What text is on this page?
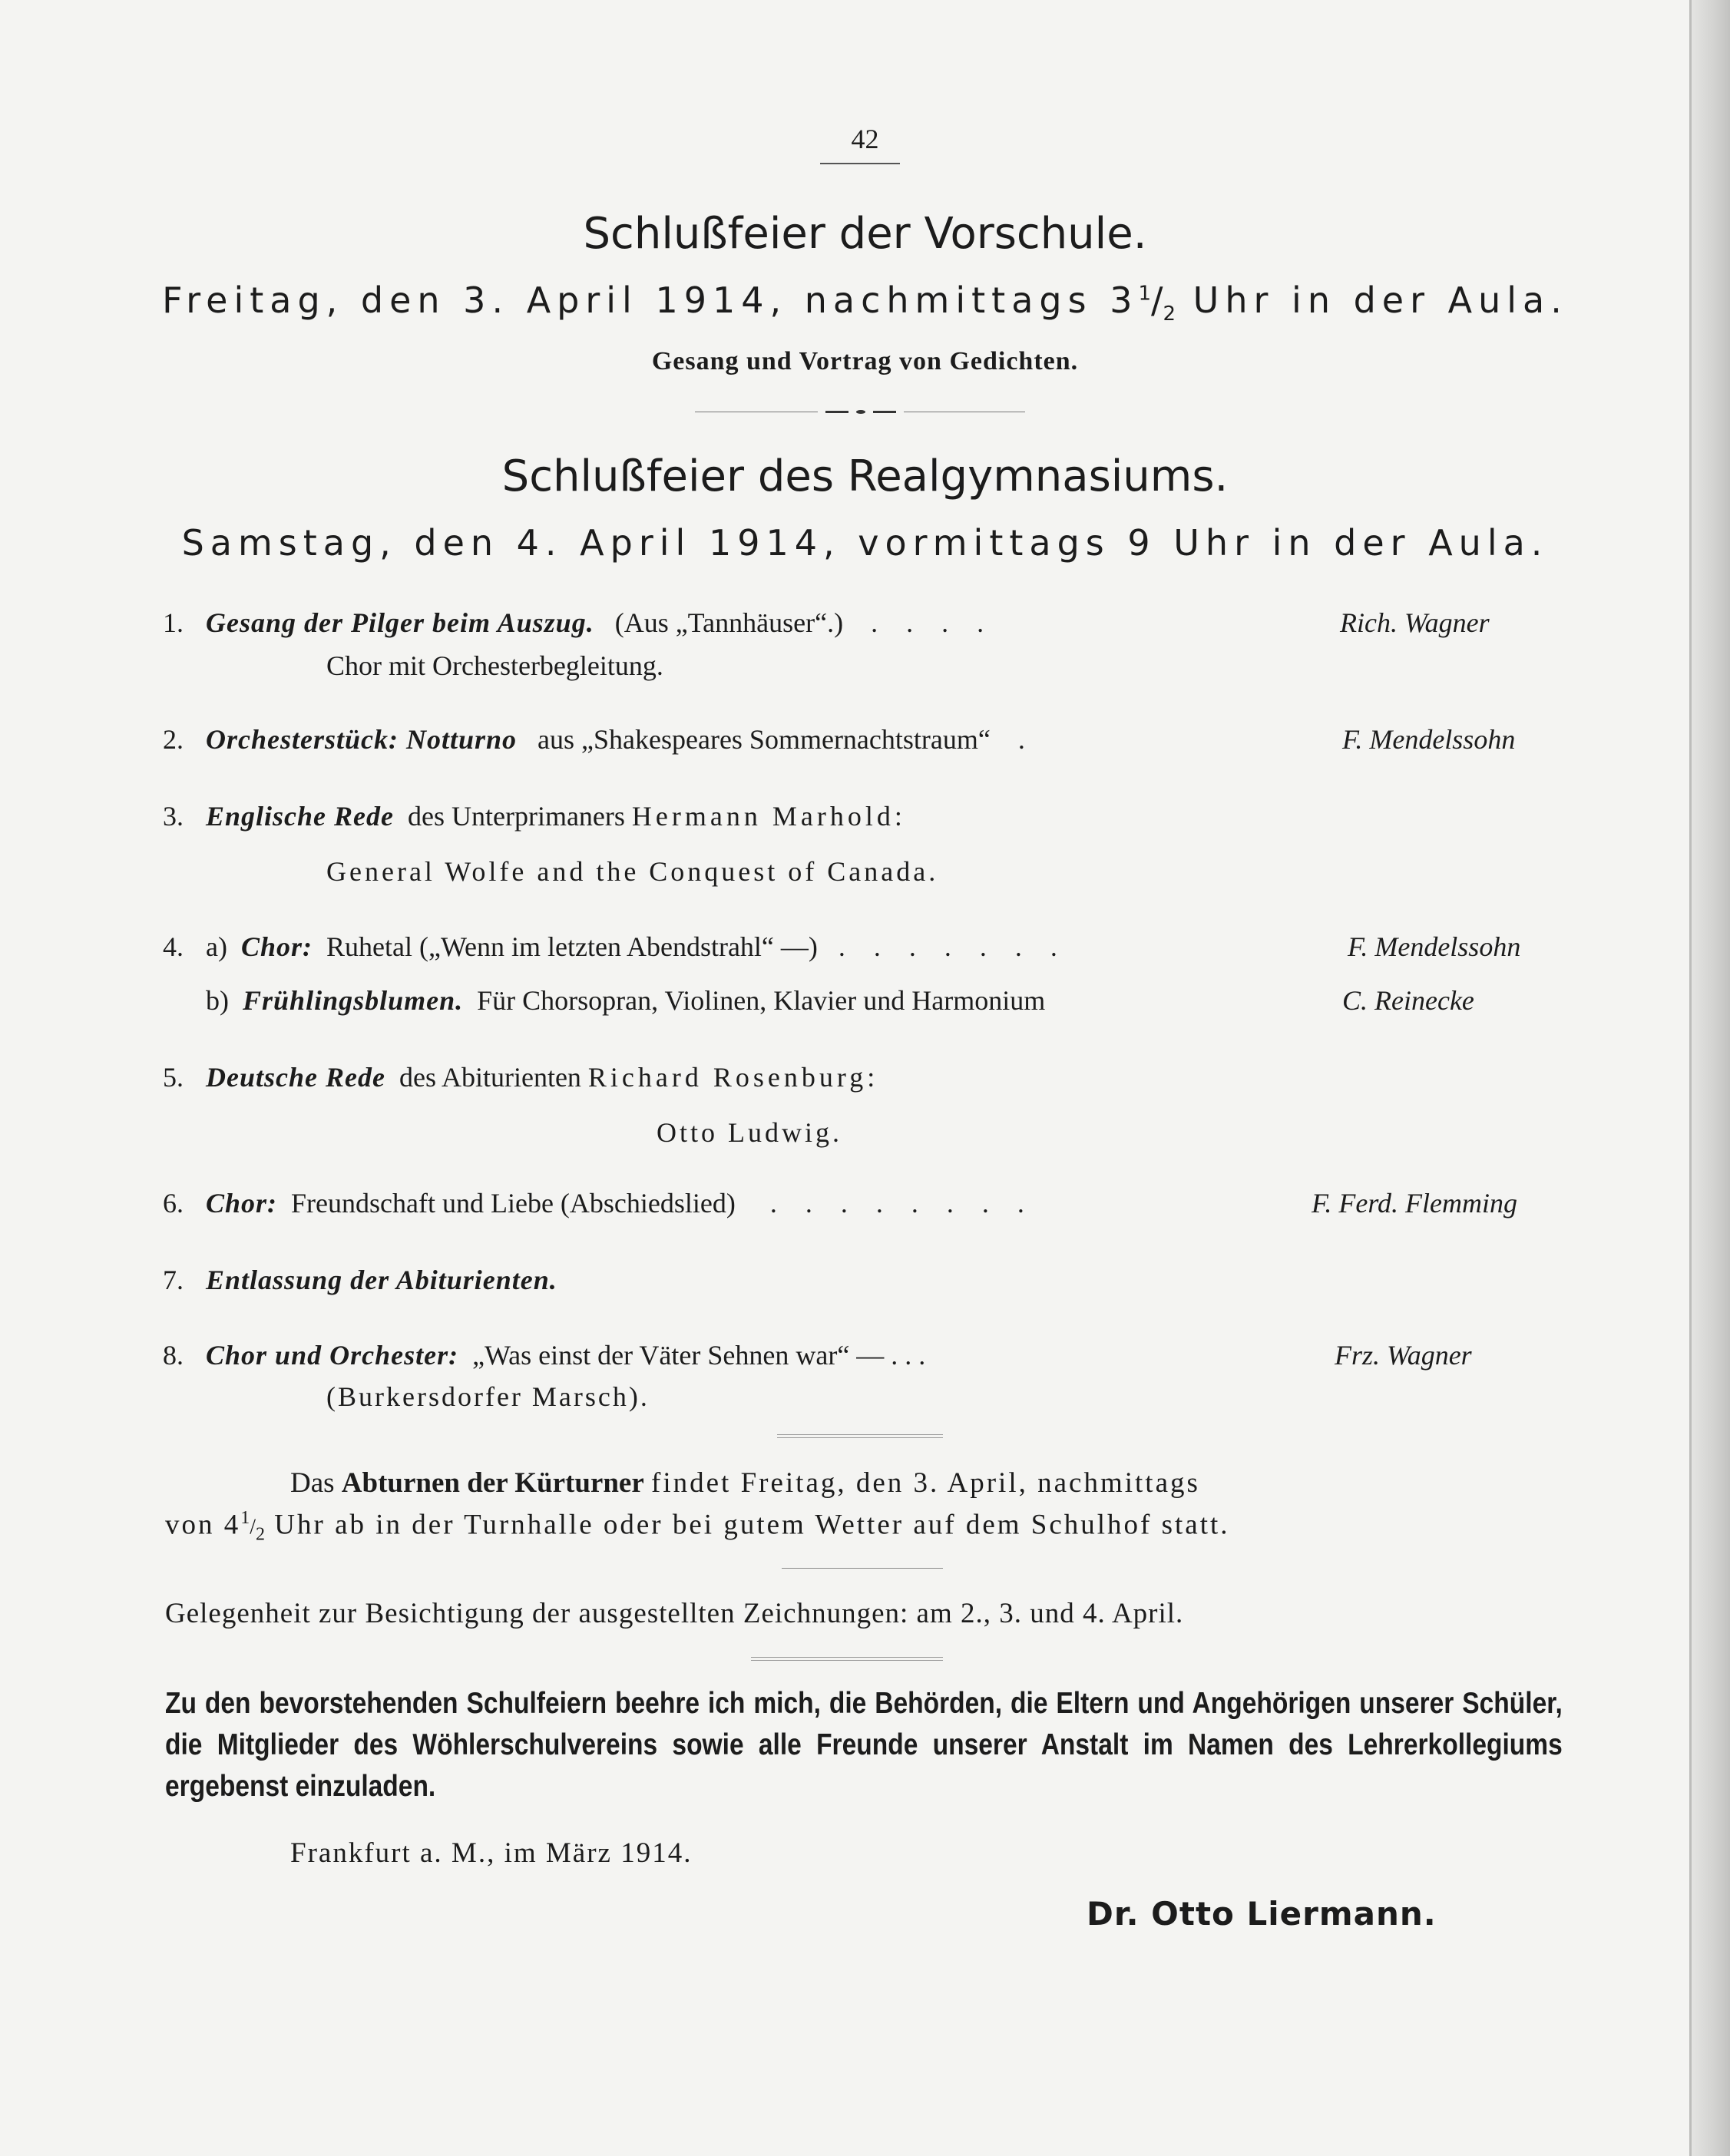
42
Schlußfeier der Vorschule.
Freitag, den 3. April 1914, nachmittags $3^1/_2$ Uhr in der Aula.
Gesang und Vortrag von Gedichten.
Schlußfeier des Realgymnasiums.
Samstag, den 4. April 1914, vormittags 9 Uhr in der Aula.
1. Gesang der Pilger beim Auszug. (Aus „Tannhäuser“.) . . . .	Rich. Wagner
Chor mit Orchesterbegleitung.
2. Orchesterstück: Notturno aus „Shakespeares Sommernachtstraum“ .	F. Mendelssohn
3. Englische Rede des Unterprimaners Hermann Marhold:
General Wolfe and the Conquest of Canada.
4. a) Chor: Ruhetal („Wenn im letzten Abendstrahl“ —) . . . . . . .	F. Mendelssohn
b) Frühlingsblumen. Für Chorsopran, Violinen, Klavier und Harmonium	C. Reinecke
5. Deutsche Rede des Abiturienten Richard Rosenburg:
Otto Ludwig.
6. Chor: Freundschaft und Liebe (Abschiedslied) . . . . . . . .	F. Ferd. Flemming
7. Entlassung der Abiturienten.
8. Chor und Orchester: „Was einst der Väter Sehnen war“ — . . .	Frz. Wagner
(Burkersdorfer Marsch).
Das Abturnen der Kürturner findet Freitag, den 3. April, nachmittags
von $4^1/_2$ Uhr ab in der Turnhalle oder bei gutem Wetter auf dem Schulhof statt.
Gelegenheit zur Besichtigung der ausgestellten Zeichnungen: am 2., 3. und 4. April.
Zu den bevorstehenden Schulfeiern beehre ich mich, die Behörden, die Eltern und Angehörigen unserer Schüler, die Mitglieder des Wöhlerschulvereins sowie alle Freunde unserer Anstalt im Namen des Lehrerkollegiums ergebenst einzuladen.
Frankfurt a. M., im März 1914.
Dr. Otto Liermann.
